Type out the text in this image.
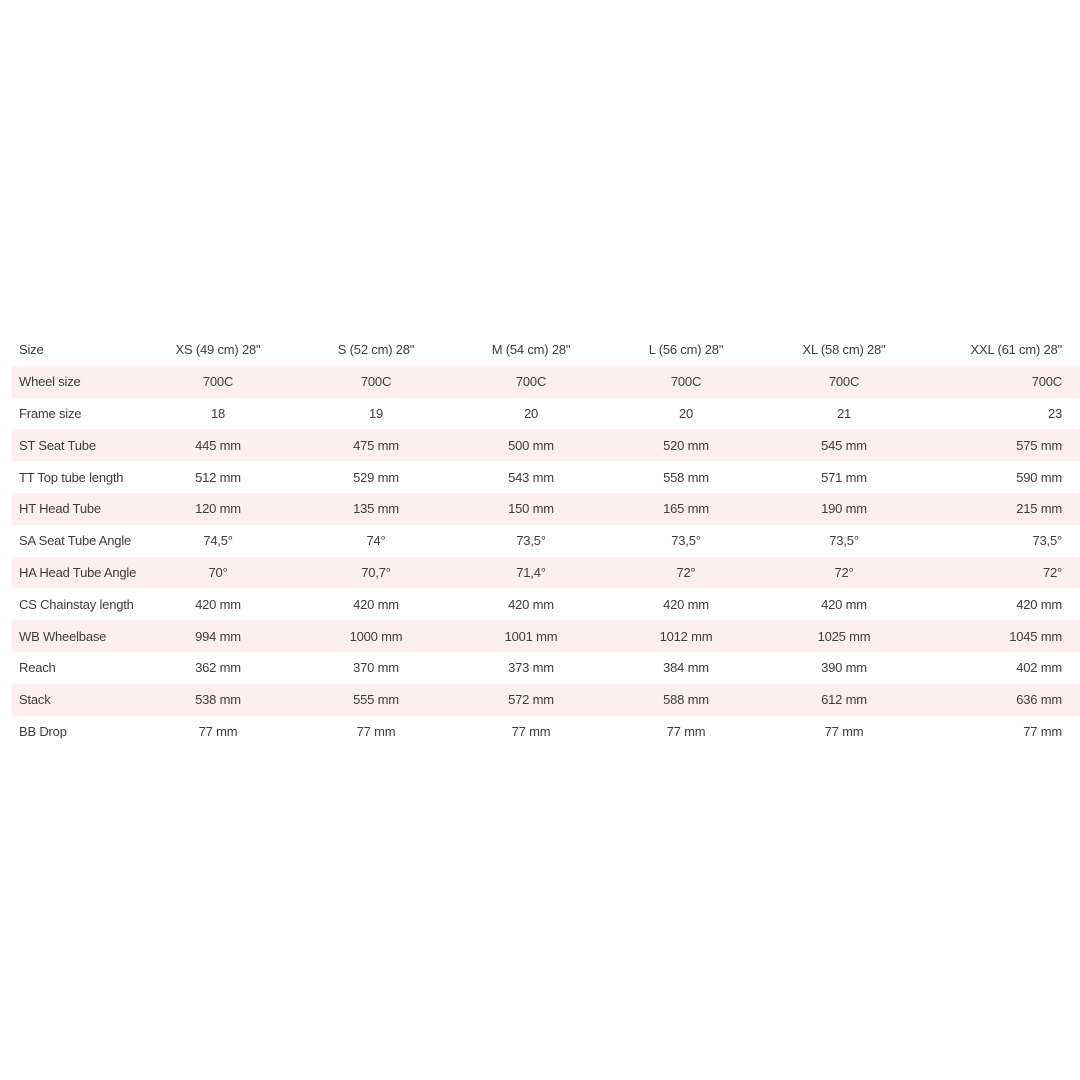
Size	XS (49 cm) 28"	S (52 cm) 28"	M (54 cm) 28"	L (56 cm) 28"	XL (58 cm) 28"	XXL (61 cm) 28"
Wheel size	700C	700C	700C	700C	700C	700C
Frame size	18	19	20	20	21	23
ST Seat Tube	445 mm	475 mm	500 mm	520 mm	545 mm	575 mm
TT Top tube length	512 mm	529 mm	543 mm	558 mm	571 mm	590 mm
HT Head Tube	120 mm	135 mm	150 mm	165 mm	190 mm	215 mm
SA Seat Tube Angle	74,5°	74°	73,5°	73,5°	73,5°	73,5°
HA Head Tube Angle	70°	70,7°	71,4°	72°	72°	72°
CS Chainstay length	420 mm	420 mm	420 mm	420 mm	420 mm	420 mm
WB Wheelbase	994 mm	1000 mm	1001 mm	1012 mm	1025 mm	1045 mm
Reach	362 mm	370 mm	373 mm	384 mm	390 mm	402 mm
Stack	538 mm	555 mm	572 mm	588 mm	612 mm	636 mm
BB Drop	77 mm	77 mm	77 mm	77 mm	77 mm	77 mm
